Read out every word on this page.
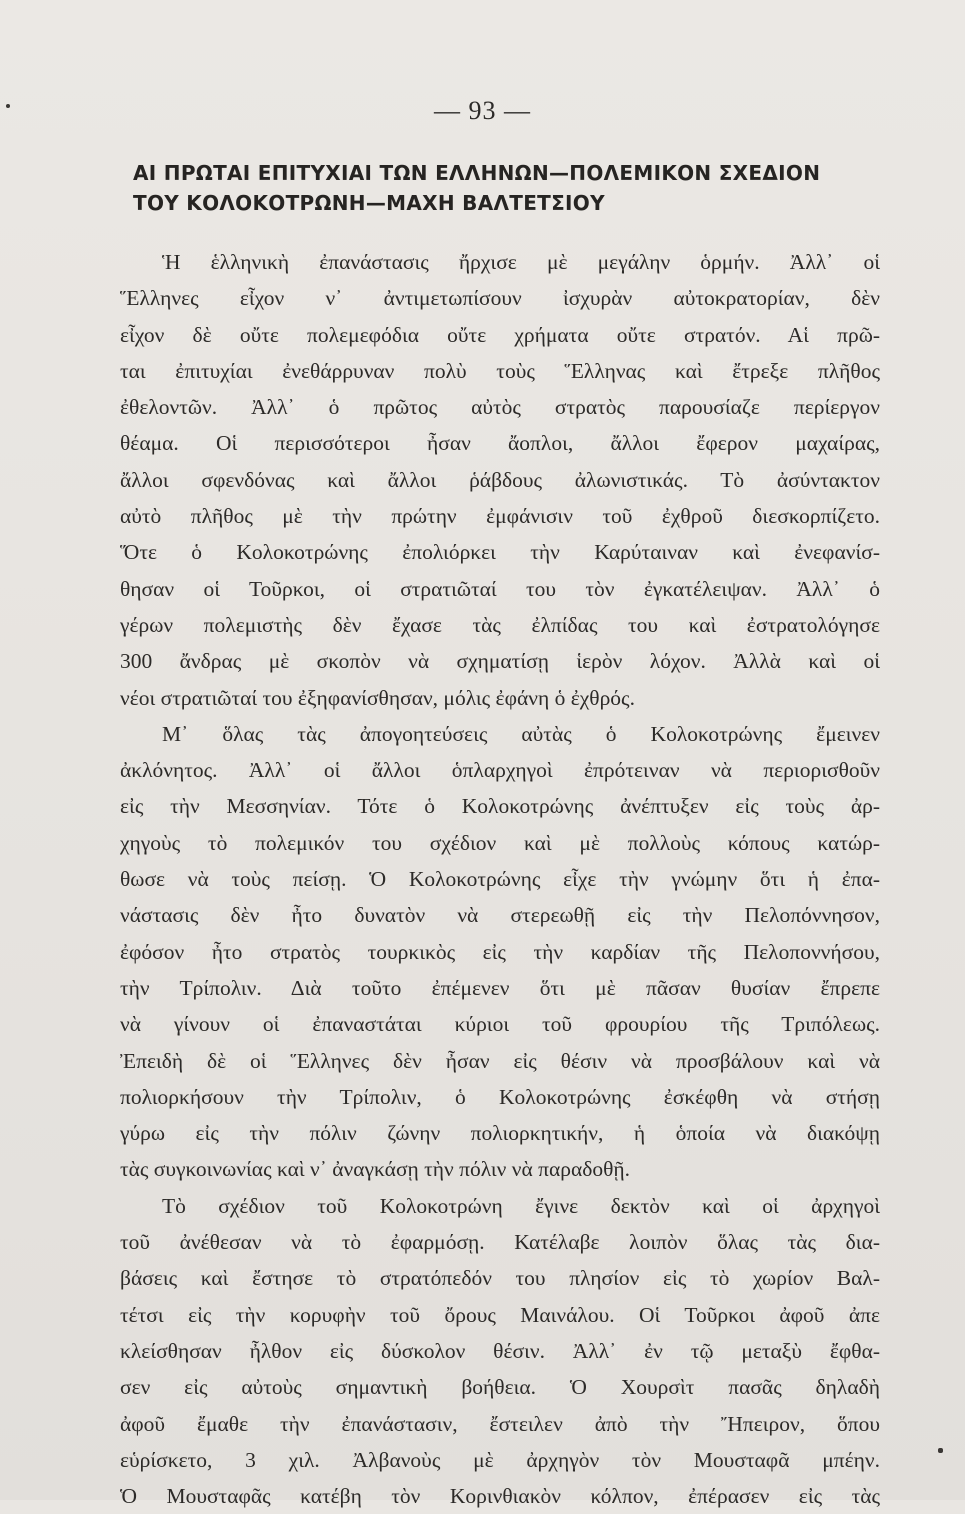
— 93 —
ΑΙ ΠΡΩΤΑΙ ΕΠΙΤΥΧΙΑΙ ΤΩΝ ΕΛΛΗΝΩΝ—ΠΟΛΕΜΙΚΟΝ ΣΧΕΔΙΟΝ
ΤΟΥ ΚΟΛΟΚΟΤΡΩΝΗ—ΜΑΧΗ ΒΑΛΤΕΤΣΙΟΥ
Ἡ ἑλληνικὴ ἐπανάστασις ἤρχισε μὲ μεγάλην ὁρμήν. Ἀλλ᾽ οἱ
Ἕλληνες εἶχον ν᾽ ἀντιμετωπίσουν ἰσχυρὰν αὐτοκρατορίαν, δὲν
εἶχον δὲ οὔτε πολεμεφόδια οὔτε χρήματα οὔτε στρατόν. Αἱ πρῶ-
ται ἐπιτυχίαι ἐνεθάρρυναν πολὺ τοὺς Ἕλληνας καὶ ἔτρεξε πλῆθος
ἐθελοντῶν. Ἀλλ᾽ ὁ πρῶτος αὐτὸς στρατὸς παρουσίαζε περίεργον
θέαμα. Οἱ περισσότεροι ἦσαν ἄοπλοι, ἄλλοι ἔφερον μαχαίρας,
ἄλλοι σφενδόνας καὶ ἄλλοι ῥάβδους ἀλωνιστικάς. Τὸ ἀσύντακτον
αὐτὸ πλῆθος μὲ τὴν πρώτην ἐμφάνισιν τοῦ ἐχθροῦ διεσκορπίζετο.
Ὅτε ὁ Κολοκοτρώνης ἐπολιόρκει τὴν Καρύταιναν καὶ ἐνεφανίσ-
θησαν οἱ Τοῦρκοι, οἱ στρατιῶταί του τὸν ἐγκατέλειψαν. Ἀλλ᾽ ὁ
γέρων πολεμιστὴς δὲν ἔχασε τὰς ἐλπίδας του καὶ ἐστρατολόγησε
300 ἄνδρας μὲ σκοπὸν νὰ σχηματίσῃ ἱερὸν λόχον. Ἀλλὰ καὶ οἱ
νέοι στρατιῶταί του ἐξηφανίσθησαν, μόλις ἐφάνη ὁ ἐχθρός.
Μ᾽ ὅλας τὰς ἀπογοητεύσεις αὐτὰς ὁ Κολοκοτρώνης ἔμεινεν
ἀκλόνητος. Ἀλλ᾽ οἱ ἄλλοι ὁπλαρχηγοὶ ἐπρότειναν νὰ περιορισθοῦν
εἰς τὴν Μεσσηνίαν. Τότε ὁ Κολοκοτρώνης ἀνέπτυξεν εἰς τοὺς ἀρ-
χηγοὺς τὸ πολεμικόν του σχέδιον καὶ μὲ πολλοὺς κόπους κατώρ-
θωσε νὰ τοὺς πείσῃ. Ὁ Κολοκοτρώνης εἶχε τὴν γνώμην ὅτι ἡ ἐπα-
νάστασις δὲν ἦτο δυνατὸν νὰ στερεωθῇ εἰς τὴν Πελοπόννησον,
ἐφόσον ἦτο στρατὸς τουρκικὸς εἰς τὴν καρδίαν τῆς Πελοποννήσου,
τὴν Τρίπολιν. Διὰ τοῦτο ἐπέμενεν ὅτι μὲ πᾶσαν θυσίαν ἔπρεπε
νὰ γίνουν οἱ ἐπαναστάται κύριοι τοῦ φρουρίου τῆς Τριπόλεως.
Ἐπειδὴ δὲ οἱ Ἕλληνες δὲν ἦσαν εἰς θέσιν νὰ προσβάλουν καὶ νὰ
πολιορκήσουν τὴν Τρίπολιν, ὁ Κολοκοτρώνης ἐσκέφθη νὰ στήσῃ
γύρω εἰς τὴν πόλιν ζώνην πολιορκητικήν, ἡ ὁποία νὰ διακόψῃ
τὰς συγκοινωνίας καὶ ν᾽ ἀναγκάσῃ τὴν πόλιν νὰ παραδοθῇ.
Τὸ σχέδιον τοῦ Κολοκοτρώνη ἔγινε δεκτὸν καὶ οἱ ἀρχηγοὶ
τοῦ ἀνέθεσαν νὰ τὸ ἐφαρμόσῃ. Κατέλαβε λοιπὸν ὅλας τὰς δια-
βάσεις καὶ ἔστησε τὸ στρατόπεδόν του πλησίον εἰς τὸ χωρίον Βαλ-
τέτσι εἰς τὴν κορυφὴν τοῦ ὄρους Μαινάλου. Οἱ Τοῦρκοι ἀφοῦ ἀπε
κλείσθησαν ἦλθον εἰς δύσκολον θέσιν. Ἀλλ᾽ ἐν τῷ μεταξὺ ἔφθα-
σεν εἰς αὐτοὺς σημαντικὴ βοήθεια. Ὁ Χουρσὶτ πασᾶς δηλαδὴ
ἀφοῦ ἔμαθε τὴν ἐπανάστασιν, ἔστειλεν ἀπὸ τὴν Ἤπειρον, ὅπου
εὑρίσκετο, 3 χιλ. Ἀλβανοὺς μὲ ἀρχηγὸν τὸν Μουσταφᾶ μπέην.
Ὁ Μουσταφᾶς κατέβη τὸν Κορινθιακὸν κόλπον, ἐπέρασεν εἰς τὰς
